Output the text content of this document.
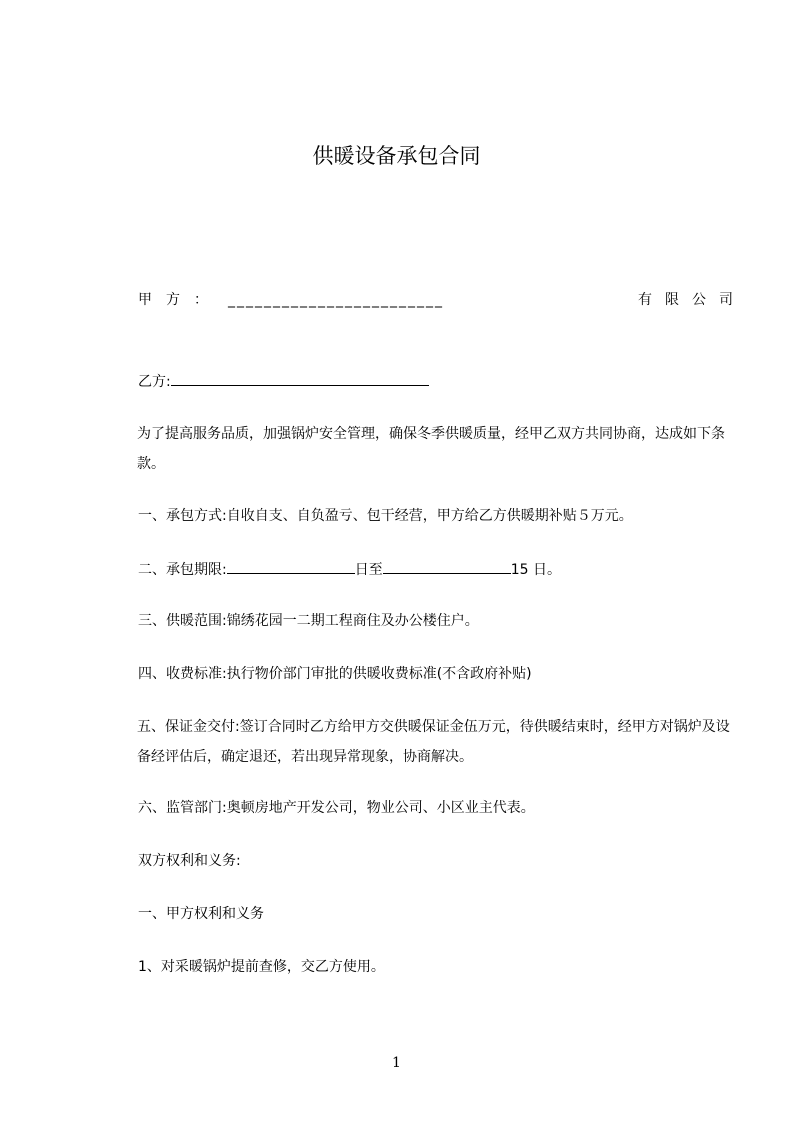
供暖设备承包合同
甲方： ________________________	有限公司
乙方:
为了提高服务品质，加强锅炉安全管理，确保冬季供暖质量，经甲乙双方共同协商，达成如下条款。
一、承包方式:自收自支、自负盈亏、包干经营，甲方给乙方供暖期补贴５万元。
二、承包期限:	日至	15 日。
三、供暖范围:锦绣花园一二期工程商住及办公楼住户。
四、收费标准:执行物价部门审批的供暖收费标准(不含政府补贴)
五、保证金交付:签订合同时乙方给甲方交供暖保证金伍万元，待供暖结束时，经甲方对锅炉及设备经评估后，确定退还，若出现异常现象，协商解决。
六、监管部门:奥顿房地产开发公司，物业公司、小区业主代表。
双方权利和义务:
一、甲方权利和义务
1、对采暖锅炉提前查修，交乙方使用。
1
